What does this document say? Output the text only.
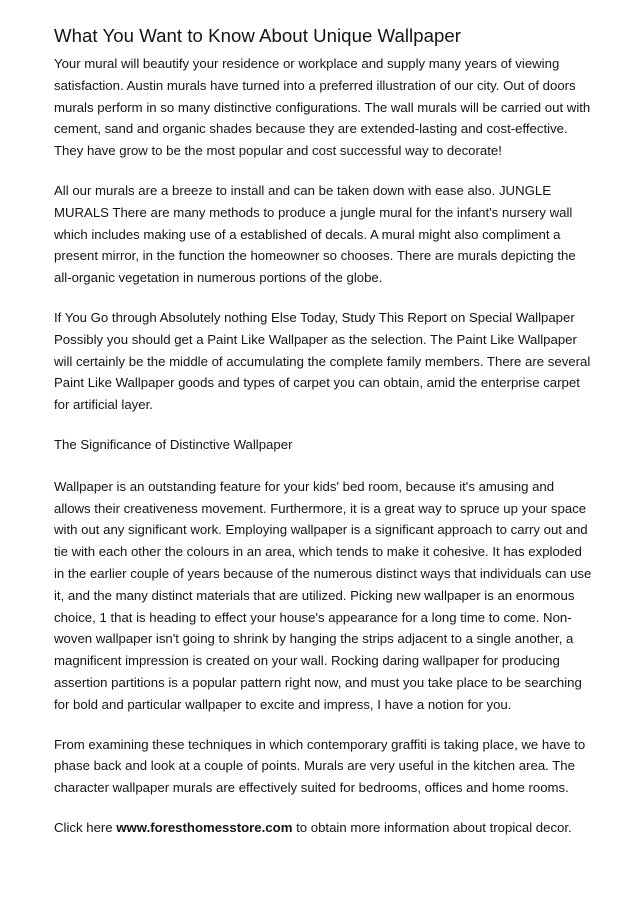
What You Want to Know About Unique Wallpaper

Your mural will beautify your residence or workplace and supply many years of viewing satisfaction. Austin murals have turned into a preferred illustration of our city. Out of doors murals perform in so many distinctive configurations. The wall murals will be carried out with cement, sand and organic shades because they are extended-lasting and cost-effective. They have grow to be the most popular and cost successful way to decorate!

All our murals are a breeze to install and can be taken down with ease also. JUNGLE MURALS There are many methods to produce a jungle mural for the infant's nursery wall which includes making use of a established of decals. A mural might also compliment a present mirror, in the function the homeowner so chooses. There are murals depicting the all-organic vegetation in numerous portions of the globe.

If You Go through Absolutely nothing Else Today, Study This Report on Special Wallpaper Possibly you should get a Paint Like Wallpaper as the selection. The Paint Like Wallpaper will certainly be the middle of accumulating the complete family members. There are several Paint Like Wallpaper goods and types of carpet you can obtain, amid the enterprise carpet for artificial layer.

The Significance of Distinctive Wallpaper

Wallpaper is an outstanding feature for your kids' bed room, because it's amusing and allows their creativeness movement. Furthermore, it is a great way to spruce up your space with out any significant work. Employing wallpaper is a significant approach to carry out and tie with each other the colours in an area, which tends to make it cohesive. It has exploded in the earlier couple of years because of the numerous distinct ways that individuals can use it, and the many distinct materials that are utilized. Picking new wallpaper is an enormous choice, 1 that is heading to effect your house's appearance for a long time to come. Non-woven wallpaper isn't going to shrink by hanging the strips adjacent to a single another, a magnificent impression is created on your wall. Rocking daring wallpaper for producing assertion partitions is a popular pattern right now, and must you take place to be searching for bold and particular wallpaper to excite and impress, I have a notion for you.

From examining these techniques in which contemporary graffiti is taking place, we have to phase back and look at a couple of points. Murals are very useful in the kitchen area. The character wallpaper murals are effectively suited for bedrooms, offices and home rooms.

Click here www.foresthomesstore.com to obtain more information about tropical decor.
